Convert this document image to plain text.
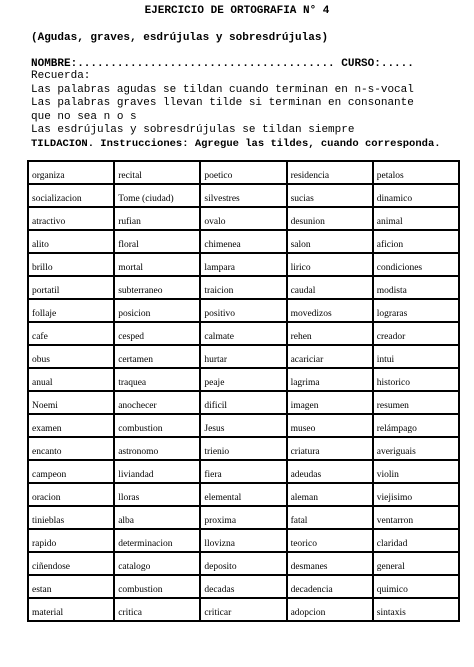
EJERCICIO DE ORTOGRAFIA N° 4
(Agudas, graves, esdrújulas y sobresdrújulas)
NOMBRE:....................................... CURSO:.....
Recuerda:
Las palabras agudas se tildan cuando terminan en n-s-vocal
Las palabras graves llevan tilde si terminan en consonante
que no sea n o s
Las esdrújulas y sobresdrújulas se tildan siempre
TILDACION. Instrucciones: Agregue las tildes, cuando corresponda.
organiza	recital	poetico	residencia	petalos

socializacion	Tome (ciudad)	silvestres	sucias	dinamico

atractivo	rufian	ovalo	desunion	animal

alito	floral	chimenea	salon	aficion

brillo	mortal	lampara	lirico	condiciones

portatil	subterraneo	traicion	caudal	modista

follaje	posicion	positivo	movedizos	lograras

cafe	cesped	calmate	rehen	creador

obus	certamen	hurtar	acariciar	intui

anual	traquea	peaje	lagrima	historico

Noemi	anochecer	dificil	imagen	resumen

examen	combustion	Jesus	museo	relámpago

encanto	astronomo	trienio	criatura	averiguais

campeon	liviandad	fiera	adeudas	violin

oracion	lloras	elemental	aleman	viejisimo

tinieblas	alba	proxima	fatal	ventarron

rapido	determinacion	llovizna	teorico	claridad

ciñendose	catalogo	deposito	desmanes	general

estan	combustion	decadas	decadencia	quimico

material	critica	criticar	adopcion	sintaxis
